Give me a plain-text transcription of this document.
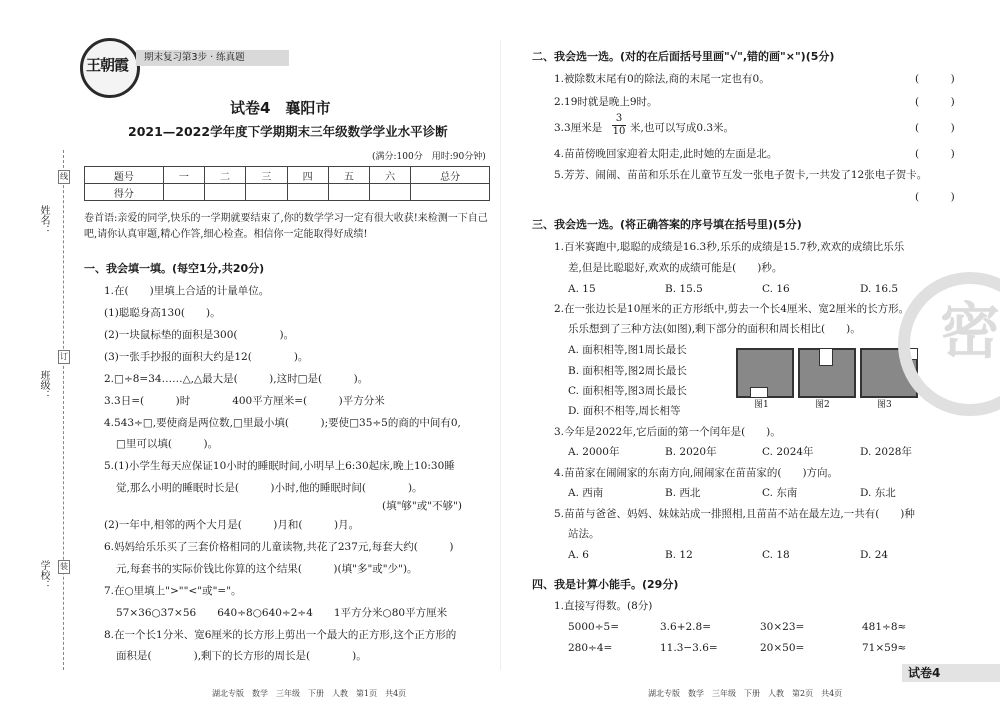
线
订
装
姓名：
班级：
学校：
王朝霞	期末复习第3步 · 练真题
试卷4　襄阳市
2021—2022学年度下学期期末三年级数学学业水平诊断
(满分:100分　用时:90分钟)
题号	一	二	三	四	五	六	总分
得分							
卷首语:亲爱的同学,快乐的一学期就要结束了,你的数学学习一定有很大收获!来检测一下自己
吧,请你认真审题,精心作答,细心检查。相信你一定能取得好成绩!
一、我会填一填。(每空1分,共20分)
1.在(　　)里填上合适的计量单位。
(1)聪聪身高130(　　)。
(2)一块鼠标垫的面积是300(　　　　)。
(3)一张手抄报的面积大约是12(　　　　)。
2.□÷8=34……△,△最大是(　　　),这时□是(　　　)。
3.3日=(　　　)时　　　　400平方厘米=(　　　)平方分米
4.543÷□,要使商是两位数,□里最小填(　　　);要使□35÷5的商的中间有0,
□里可以填(　　　)。
5.(1)小学生每天应保证10小时的睡眠时间,小明早上6:30起床,晚上10:30睡
觉,那么小明的睡眠时长是(　　　)小时,他的睡眠时间(　　　　)。
(填"够"或"不够")
(2)一年中,相邻的两个大月是(　　　)月和(　　　)月。
6.妈妈给乐乐买了三套价格相同的儿童读物,共花了237元,每套大约(　　　)
元,每套书的实际价钱比你算的这个结果(　　　)(填"多"或"少")。
7.在○里填上">""<"或"="。
57×36○37×56　　640÷8○640÷2÷4　　1平方分米○80平方厘米
8.在一个长1分米、宽6厘米的长方形上剪出一个最大的正方形,这个正方形的
面积是(　　　　),剩下的长方形的周长是(　　　　)。
湖北专版　数学　三年级　下册　人教　第1页　共4页
二、我会选一选。(对的在后面括号里画"√",错的画"×")(5分)
1.被除数末尾有0的除法,商的末尾一定也有0。	(　　　)
2.19时就是晚上9时。	(　　　)
3.3厘米是 $\frac{3}{10}$ 米,也可以写成0.3米。	(　　　)
4.苗苗傍晚回家迎着太阳走,此时她的左面是北。	(　　　)
5.芳芳、闹闹、苗苗和乐乐在儿童节互发一张电子贺卡,一共发了12张电子贺卡。
(　　　)
三、我会选一选。(将正确答案的序号填在括号里)(5分)
1.百米赛跑中,聪聪的成绩是16.3秒,乐乐的成绩是15.7秒,欢欢的成绩比乐乐
差,但是比聪聪好,欢欢的成绩可能是(　　)秒。
A. 15	B. 15.5	C. 16	D. 16.5
2.在一张边长是10厘米的正方形纸中,剪去一个长4厘米、宽2厘米的长方形。
乐乐想到了三种方法(如图),剩下部分的面积和周长相比(　　)。
A. 面积相等,图1周长最长
B. 面积相等,图2周长最长
C. 面积相等,图3周长最长
D. 面积不相等,周长相等	图1	图2	图3
3.今年是2022年,它后面的第一个闰年是(　　)。
A. 2000年	B. 2020年	C. 2024年	D. 2028年
4.苗苗家在闹闹家的东南方向,闹闹家在苗苗家的(　　)方向。
A. 西南	B. 西北	C. 东南	D. 东北
5.苗苗与爸爸、妈妈、妹妹站成一排照相,且苗苗不站在最左边,一共有(　　)种
站法。
A. 6	B. 12	C. 18	D. 24
四、我是计算小能手。(29分)
1.直接写得数。(8分)
5000÷5=	3.6+2.8=	30×23=	481÷8≈
280÷4=	11.3−3.6=	20×50=	71×59≈
密
湖北专版　数学　三年级　下册　人教　第2页　共4页
试卷4
